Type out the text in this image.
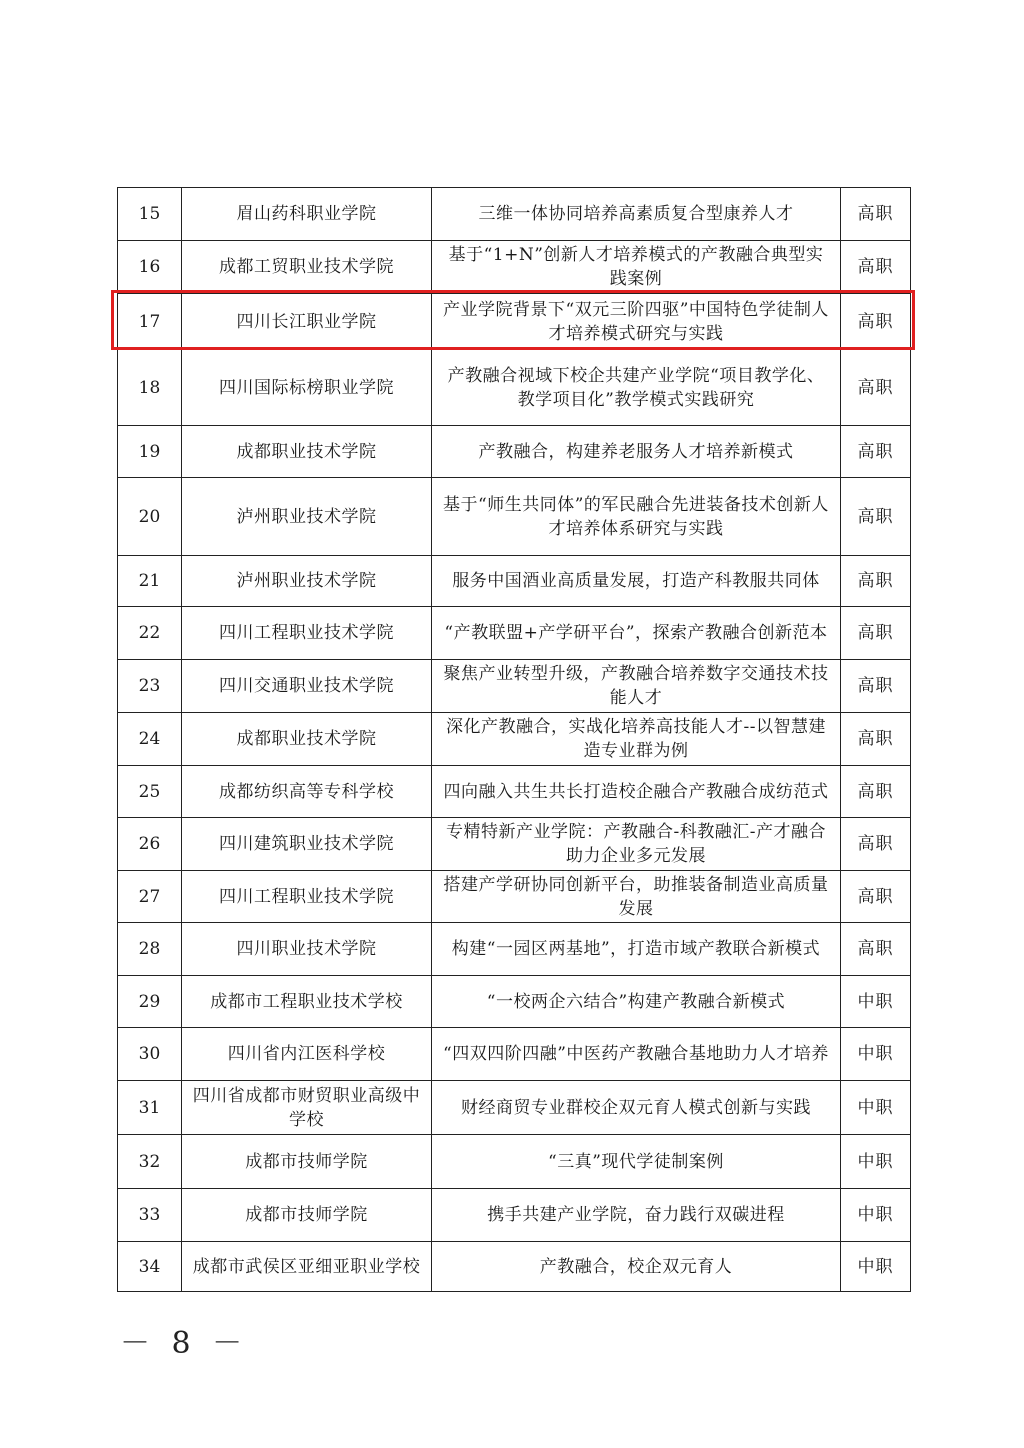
15	眉山药科职业学院	三维一体协同培养高素质复合型康养人才	高职
16	成都工贸职业技术学院	基于“1+N”创新人才培养模式的产教融合典型实践案例	高职
17	四川长江职业学院	产业学院背景下“双元三阶四驱”中国特色学徒制人才培养模式研究与实践	高职
18	四川国际标榜职业学院	产教融合视域下校企共建产业学院“项目教学化、教学项目化”教学模式实践研究	高职
19	成都职业技术学院	产教融合，构建养老服务人才培养新模式	高职
20	泸州职业技术学院	基于“师生共同体”的军民融合先进装备技术创新人才培养体系研究与实践	高职
21	泸州职业技术学院	服务中国酒业高质量发展，打造产科教服共同体	高职
22	四川工程职业技术学院	“产教联盟+产学研平台”，探索产教融合创新范本	高职
23	四川交通职业技术学院	聚焦产业转型升级，产教融合培养数字交通技术技能人才	高职
24	成都职业技术学院	深化产教融合，实战化培养高技能人才--以智慧建造专业群为例	高职
25	成都纺织高等专科学校	四向融入共生共长打造校企融合产教融合成纺范式	高职
26	四川建筑职业技术学院	专精特新产业学院：产教融合-科教融汇-产才融合助力企业多元发展	高职
27	四川工程职业技术学院	搭建产学研协同创新平台，助推装备制造业高质量发展	高职
28	四川职业技术学院	构建“一园区两基地”，打造市域产教联合新模式	高职
29	成都市工程职业技术学校	“一校两企六结合”构建产教融合新模式	中职
30	四川省内江医科学校	“四双四阶四融”中医药产教融合基地助力人才培养	中职
31	四川省成都市财贸职业高级中学校	财经商贸专业群校企双元育人模式创新与实践	中职
32	成都市技师学院	“三真”现代学徒制案例	中职
33	成都市技师学院	携手共建产业学院，奋力践行双碳进程	中职
34	成都市武侯区亚细亚职业学校	产教融合，校企双元育人	中职
－ 8 －
